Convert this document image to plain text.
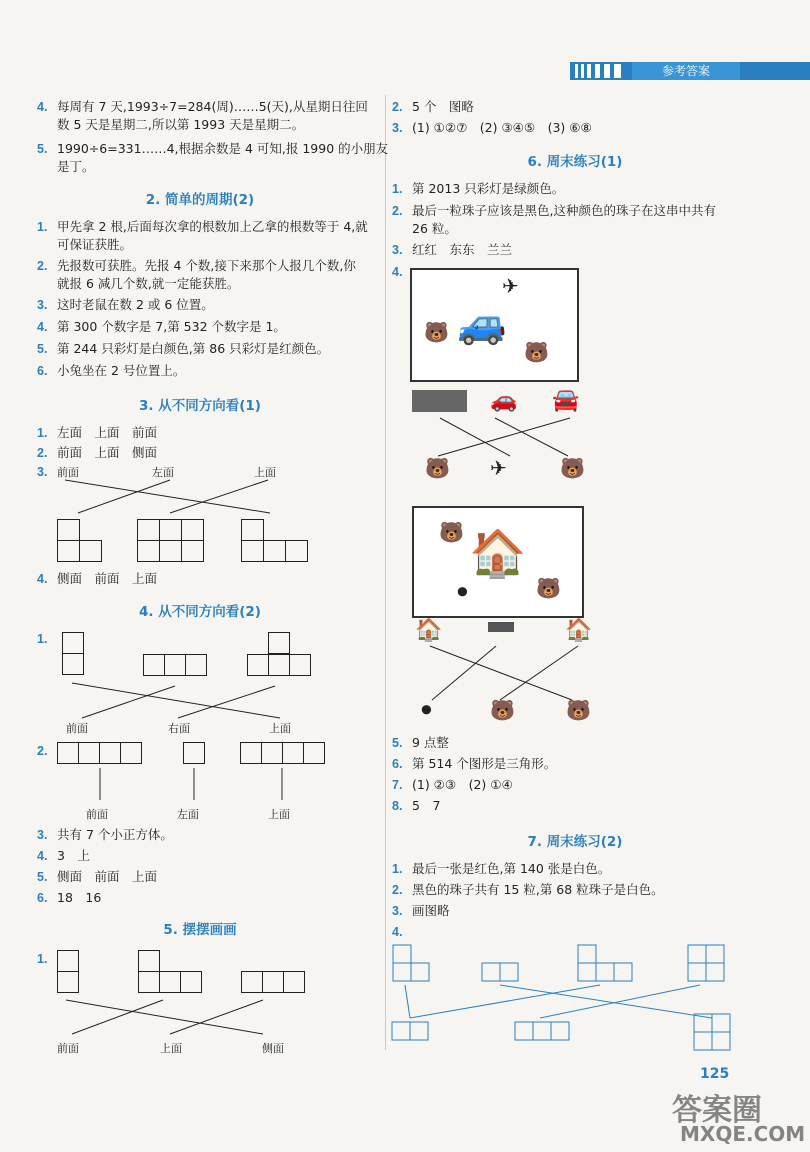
参考答案
4. 每周有 7 天,1993÷7=284(周)……5(天),从星期日往回
数 5 天是星期二,所以第 1993 天是星期二。
5. 1990÷6=331……4,根据余数是 4 可知,报 1990 的小朋友
是丁。
2. 简单的周期(2)
1. 甲先拿 2 根,后面每次拿的根数加上乙拿的根数等于 4,就
可保证获胜。
2. 先报数可获胜。先报 4 个数,接下来那个人报几个数,你
就报 6 减几个数,就一定能获胜。
3. 这时老鼠在数 2 或 6 位置。
4. 第 300 个数字是 7,第 532 个数字是 1。
5. 第 244 只彩灯是白颜色,第 86 只彩灯是红颜色。
6. 小兔坐在 2 号位置上。
3. 从不同方向看(1)
1. 左面　上面　前面
2. 前面　上面　侧面
3. 前面	左面	上面
4. 侧面　前面　上面
4. 从不同方向看(2)
1.
前面	右面	上面
2.
前面	左面	上面
3. 共有 7 个小正方体。
4. 3　上
5. 侧面　前面　上面
6. 18　16
5. 摆摆画画
1.
前面	上面	侧面
2. 5 个　图略
3. (1) ①②⑦　(2) ③④⑤　(3) ⑥⑧
6. 周末练习(1)
1. 第 2013 只彩灯是绿颜色。
2. 最后一粒珠子应该是黑色,这种颜色的珠子在这串中共有
26 粒。
3. 红红　东东　兰兰
4.
✈
🚙
🐻
🐻
🚗 🚘
🐻 ✈	🐻
🐻 🏠
⚫	🐻
🏠	🏠
⚫	🐻	🐻
5. 9 点整
6. 第 514 个图形是三角形。
7. (1) ②③　(2) ①④
8. 5　7
7. 周末练习(2)
1. 最后一张是红色,第 140 张是白色。
2. 黑色的珠子共有 15 粒,第 68 粒珠子是白色。
3. 画图略
4.
125
答案圈
MXQE.COM
